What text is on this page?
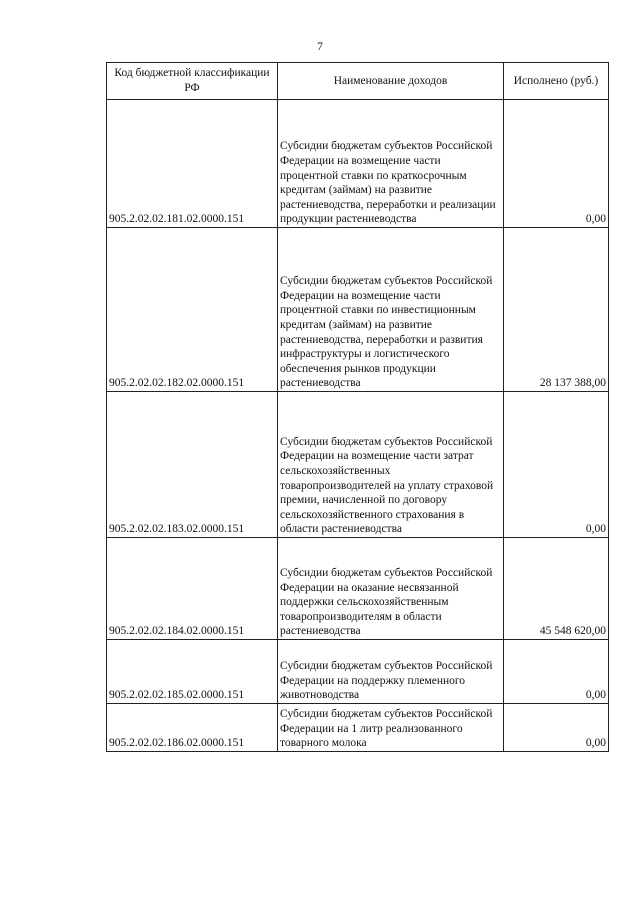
7
Код бюджетной классификации РФ	Наименование доходов	Исполнено (руб.)
905.2.02.02.181.02.0000.151	Субсидии бюджетам субъектов Российской Федерации на возмещение части процентной ставки по краткосрочным кредитам (займам) на развитие растениеводства, переработки и реализации продукции растениеводства	0,00
905.2.02.02.182.02.0000.151	Субсидии бюджетам субъектов Российской Федерации на возмещение части процентной ставки по инвестиционным кредитам (займам) на развитие растениеводства, переработки и развития инфраструктуры и логистического обеспечения рынков продукции растениеводства	28 137 388,00
905.2.02.02.183.02.0000.151	Субсидии бюджетам субъектов Российской Федерации на возмещение части затрат сельскохозяйственных товаропроизводителей на уплату страховой премии, начисленной по договору сельскохозяйственного страхования в области растениеводства	0,00
905.2.02.02.184.02.0000.151	Субсидии бюджетам субъектов Российской Федерации на оказание несвязанной поддержки сельскохозяйственным товаропроизводителям в области растениеводства	45 548 620,00
905.2.02.02.185.02.0000.151	Субсидии бюджетам субъектов Российской Федерации на поддержку племенного животноводства	0,00
905.2.02.02.186.02.0000.151	Субсидии бюджетам субъектов Российской Федерации на 1 литр реализованного товарного молока	0,00
